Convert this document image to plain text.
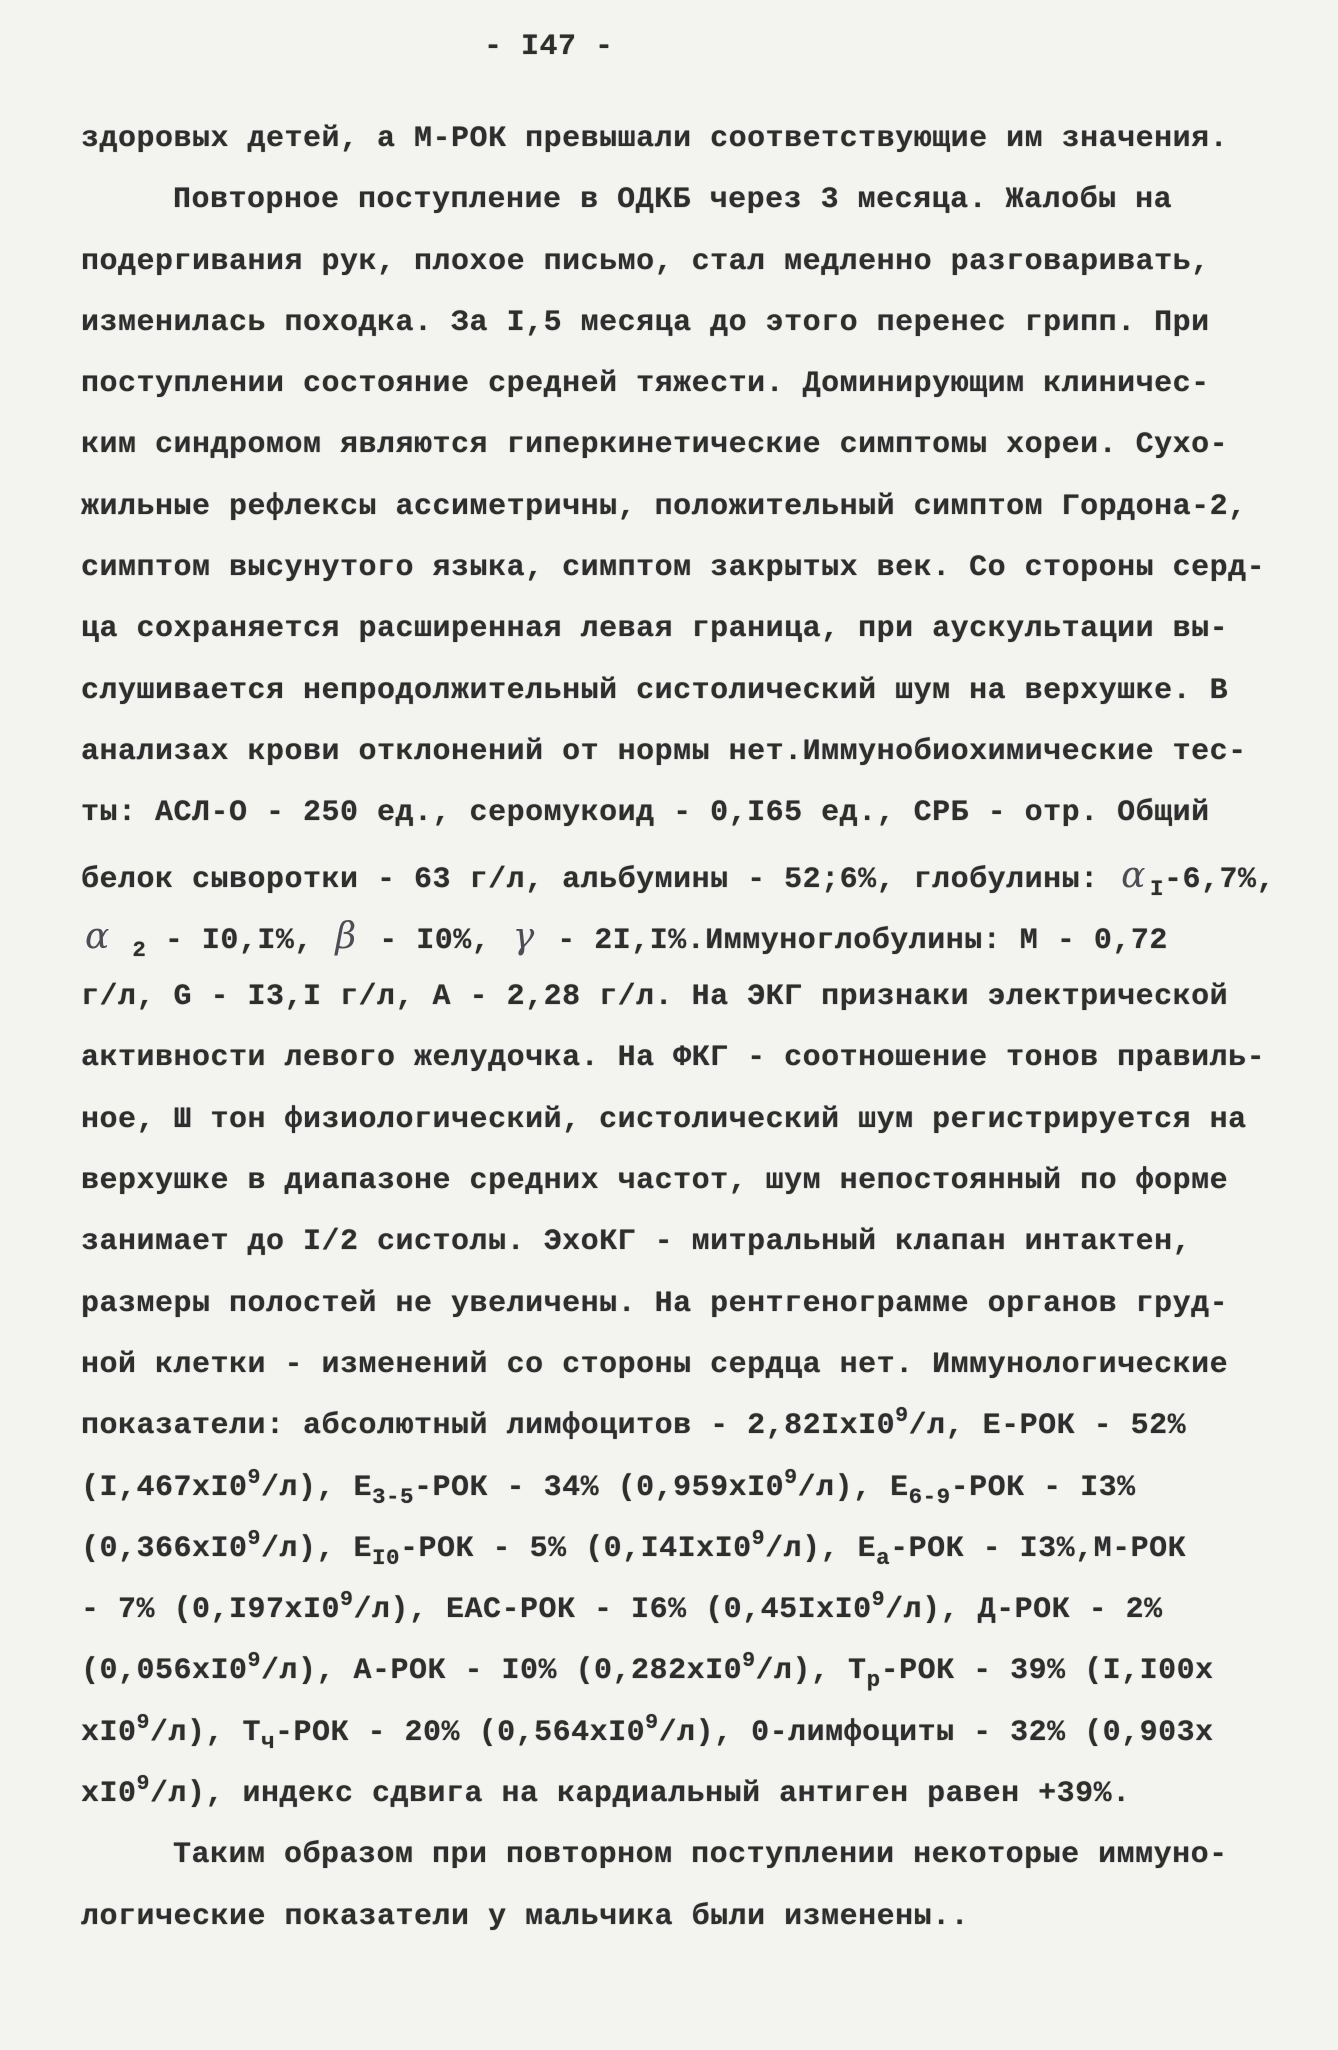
- I47 -
здоровых детей, а М-РОК превышали соответствующие им значения.
Повторное поступление в ОДКБ через 3 месяца. Жалобы на
подергивания рук, плохое письмо, стал медленно разговаривать,
изменилась походка. За I,5 месяца до этого перенес грипп. При
поступлении состояние средней тяжести. Доминирующим клиничес-
ким синдромом являются гиперкинетические симптомы хореи. Сухо-
жильные рефлексы ассиметричны, положительный симптом Гордона-2,
симптом высунутого языка, симптом закрытых век. Со стороны серд-
ца сохраняется расширенная левая граница, при аускультации вы-
слушивается непродолжительный систолический шум на верхушке. В
анализах крови отклонений от нормы нет.Иммунобиохимические тес-
ты: АСЛ-О - 250 ед., серомукоид - 0,I65 ед., СРБ - отр. Общий
белок сыворотки - 63 г/л, альбумины - 52;6%, глобулины: α $_I$-6,7%,
α $_2$ - I0,I%, β - I0%, γ - 2I,I%.Иммуноглобулины: М - 0,72
г/л, G - I3,I г/л, А - 2,28 г/л. На ЭКГ признаки электрической
активности левого желудочка. На ФКГ - соотношение тонов правиль-
ное, Ш тон физиологический, систолический шум регистрируется на
верхушке в диапазоне средних частот, шум непостоянный по форме
занимает до I/2 систолы. ЭхоКГ - митральный клапан интактен,
размеры полостей не увеличены. На рентгенограмме органов груд-
ной клетки - изменений со стороны сердца нет. Иммунологические
показатели: абсолютный лимфоцитов - $2,82IхI0^9/л$, Е-РОК - 52%
$(I,467хI0^9/л)$, $Е_{3-5}$-РОК - 34% $(0,959хI0^9/л)$, $Е_{6-9}$-РОК - I3%
$(0,366хI0^9/л)$, $Е_{I0}$-РОК - 5% $(0,I4IхI0^9/л)$, $Е_а$-РОК - I3%,М-РОК
- 7% $(0,I97хI0^9/л)$, ЕАС-РОК - I6% $(0,45IхI0^9/л)$, Д-РОК - 2%
$(0,056хI0^9/л)$, А-РОК - I0% $(0,282хI0^9/л)$, $Т_р$-РОК - 39% (I,I00х
$хI0^9/л$), $Т_ч$-РОК - 20% $(0,564хI0^9/л)$, 0-лимфоциты - 32% (0,903х
$хI0^9/л$), индекс сдвига на кардиальный антиген равен +39%.
Таким образом при повторном поступлении некоторые иммуно-
логические показатели у мальчика были изменены..
